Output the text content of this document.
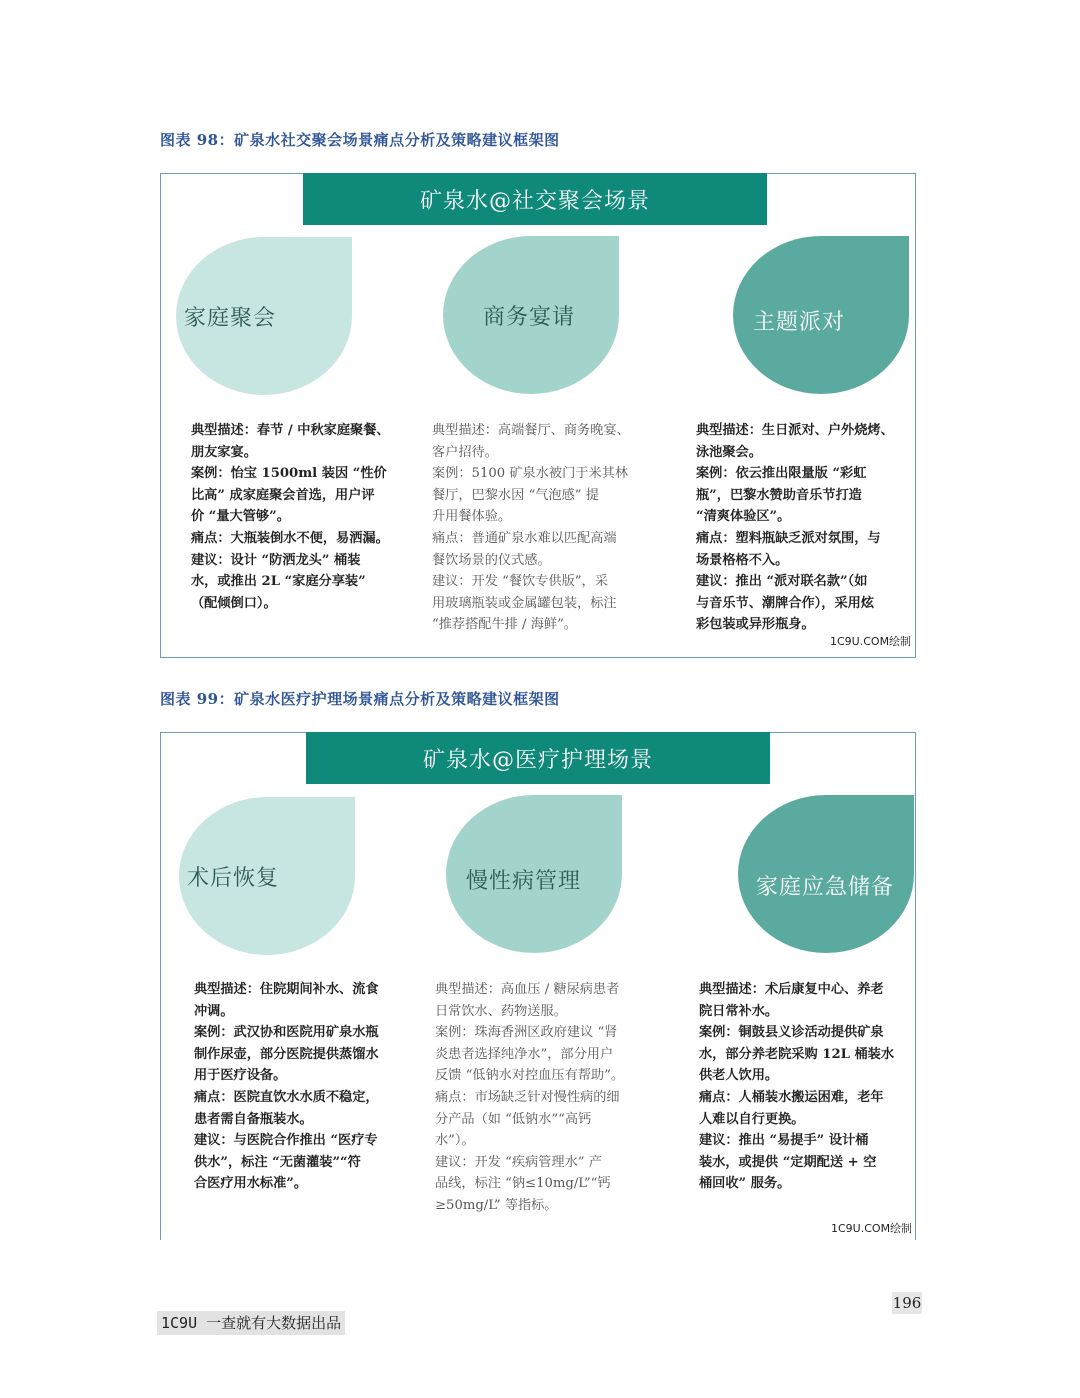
图表 98：矿泉水社交聚会场景痛点分析及策略建议框架图
矿泉水@社交聚会场景
家庭聚会	商务宴请	主题派对

典型描述：春节 / 中秋家庭聚餐、

朋友家宴。

案例：怡宝 1500ml 装因 “性价

比高” 成家庭聚会首选，用户评

价 “量大管够”。

痛点：大瓶装倒水不便，易洒漏。

建议：设计 “防洒龙头” 桶装

水，或推出 2L “家庭分享装”

（配倾倒口）。

典型描述：高端餐厅、商务晚宴、

客户招待。

案例：5100 矿泉水被门于米其林

餐厅，巴黎水因 “气泡感” 提

升用餐体验。

痛点：普通矿泉水难以匹配高端

餐饮场景的仪式感。

建议：开发 “餐饮专供版”，采

用玻璃瓶装或金属罐包装，标注

“推荐搭配牛排 / 海鲜”。

典型描述：生日派对、户外烧烤、

泳池聚会。

案例：依云推出限量版 “彩虹

瓶”，巴黎水赞助音乐节打造

“清爽体验区”。

痛点：塑料瓶缺乏派对氛围，与

场景格格不入。

建议：推出 “派对联名款”（如

与音乐节、潮牌合作），采用炫

彩包装或异形瓶身。

1C9U.COM绘制
图表 99：矿泉水医疗护理场景痛点分析及策略建议框架图
矿泉水@医疗护理场景
术后恢复	慢性病管理	家庭应急储备

典型描述：住院期间补水、流食

冲调。

案例：武汉协和医院用矿泉水瓶

制作尿壶，部分医院提供蒸馏水

用于医疗设备。

痛点：医院直饮水水质不稳定，

患者需自备瓶装水。

建议：与医院合作推出 “医疗专

供水”，标注 “无菌灌装”“符

合医疗用水标准”。

典型描述：高血压 / 糖尿病患者

日常饮水、药物送服。

案例：珠海香洲区政府建议 “肾

炎患者选择纯净水”，部分用户

反馈 “低钠水对控血压有帮助”。

痛点：市场缺乏针对慢性病的细

分产品（如 “低钠水”“高钙

水”）。

建议：开发 “疾病管理水” 产

品线，标注 “钠≤10mg/L”“钙

≥50mg/L” 等指标。

典型描述：术后康复中心、养老

院日常补水。

案例：铜鼓县义诊活动提供矿泉

水，部分养老院采购 12L 桶装水

供老人饮用。

痛点：人桶装水搬运困难，老年

人难以自行更换。

建议：推出 “易提手” 设计桶

装水，或提供 “定期配送 + 空

桶回收” 服务。

1C9U.COM绘制
196
1C9U 一查就有大数据出品
